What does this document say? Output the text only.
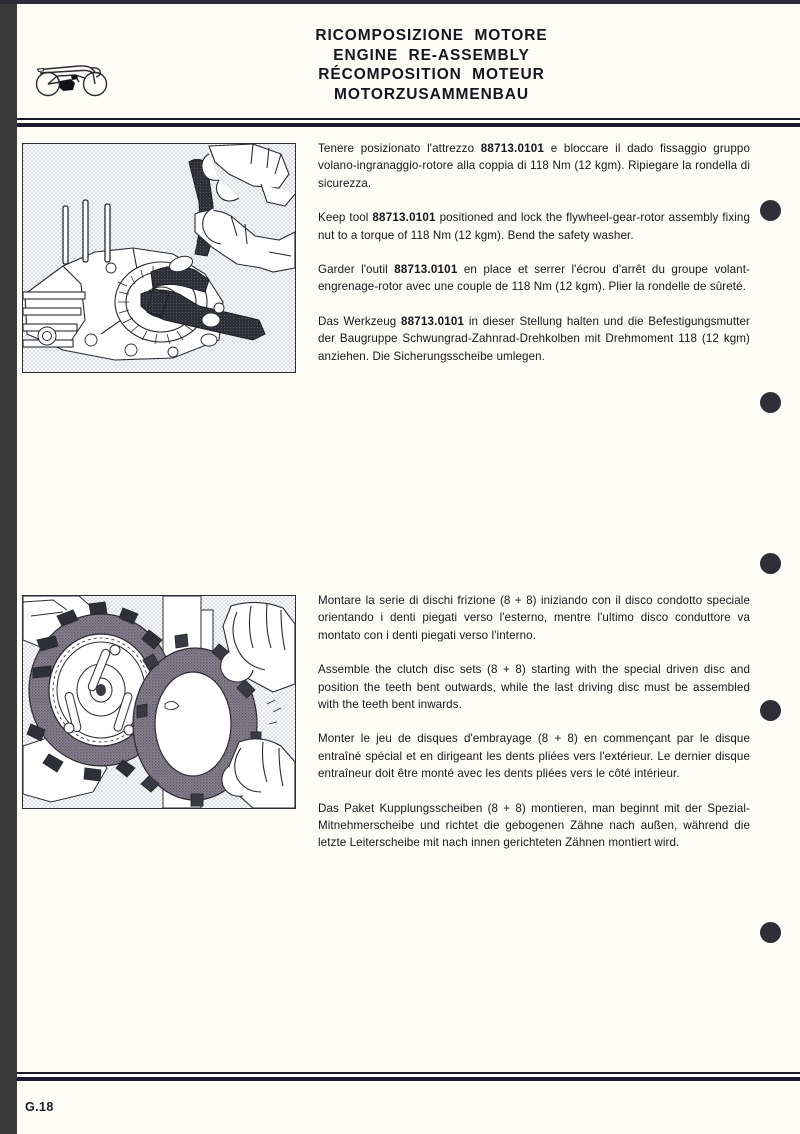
RICOMPOSIZIONE  MOTORE
ENGINE  RE-ASSEMBLY
RÉCOMPOSITION  MOTEUR
MOTORZUSAMMENBAU

Tenere posizionato l'attrezzo 88713.0101 e bloccare il dado fissaggio gruppo volano-ingranaggio-rotore alla coppia di 118 Nm (12 kgm). Ripiegare la rondella di sicurezza.

Keep tool 88713.0101 positioned and lock the flywheel-gear-rotor assembly fixing nut to a torque of 118 Nm (12 kgm). Bend the safety washer.

Garder l'outil 88713.0101 en place et serrer l'écrou d'arrêt du groupe volant-engrenage-rotor avec une couple de 118 Nm (12 kgm). Plier la rondelle de sûreté.

Das Werkzeug 88713.0101 in dieser Stellung halten und die Befestigungsmutter der Baugruppe Schwungrad-Zahnrad-Drehkolben mit Drehmoment 118 (12 kgm) anziehen. Die Sicherungsscheibe umlegen.

Montare la serie di dischi frizione (8 + 8) iniziando con il disco condotto speciale orientando i denti piegati verso l'esterno, mentre l'ultimo disco conduttore va montato con i denti piegati verso l'interno.

Assemble the clutch disc sets (8 + 8) starting with the special driven disc and position the teeth bent outwards, while the last driving disc must be assembled with the teeth bent inwards.

Monter le jeu de disques d'embrayage (8 + 8) en commençant par le disque entraîné spécial et en dirigeant les dents pliées vers l'extérieur. Le dernier disque entraîneur doit être monté avec les dents pliées vers le côté intérieur.

Das Paket Kupplungsscheiben (8 + 8) montieren, man beginnt mit der Spezial-Mitnehmerscheibe und richtet die gebogenen Zähne nach außen, während die letzte Leiterscheibe mit nach innen gerichteten Zähnen montiert wird.

G.18
